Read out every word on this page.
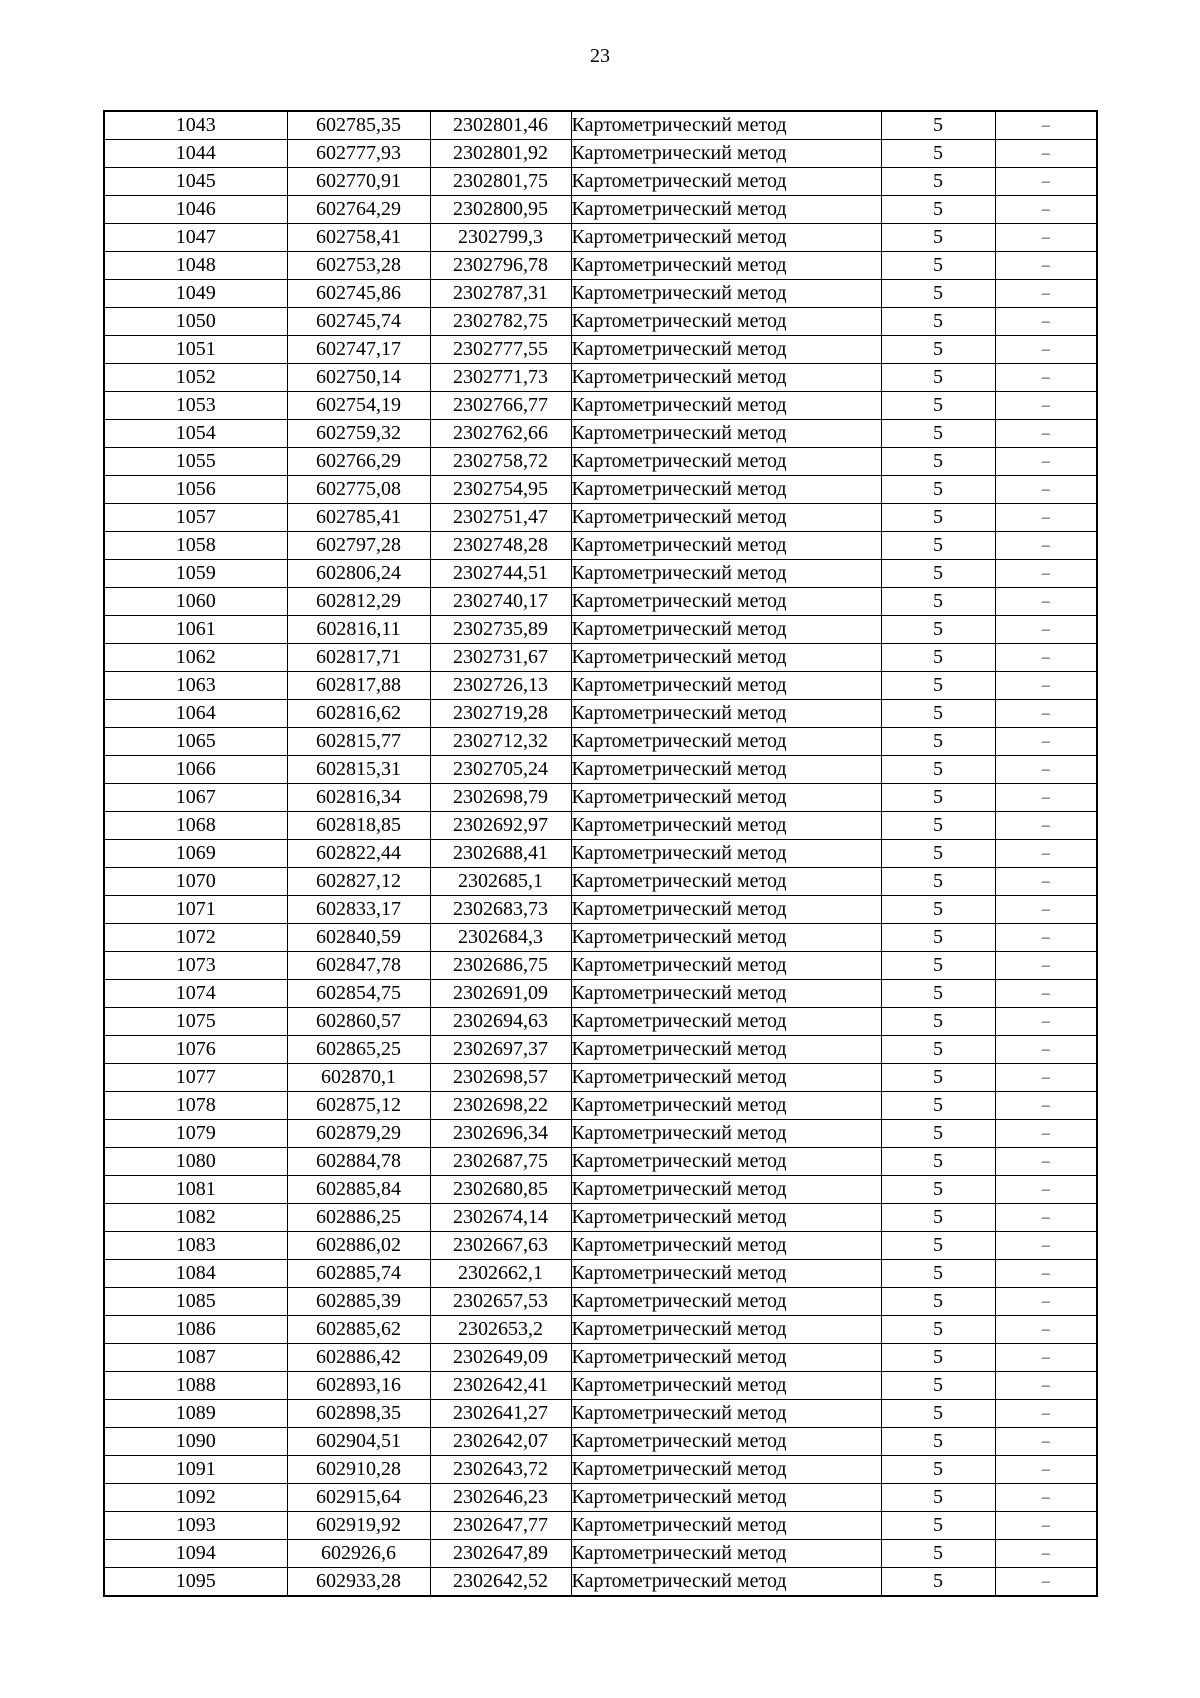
23
1043	602785,35	2302801,46	Картометрический метод	5	–
1044	602777,93	2302801,92	Картометрический метод	5	–
1045	602770,91	2302801,75	Картометрический метод	5	–
1046	602764,29	2302800,95	Картометрический метод	5	–
1047	602758,41	2302799,3	Картометрический метод	5	–
1048	602753,28	2302796,78	Картометрический метод	5	–
1049	602745,86	2302787,31	Картометрический метод	5	–
1050	602745,74	2302782,75	Картометрический метод	5	–
1051	602747,17	2302777,55	Картометрический метод	5	–
1052	602750,14	2302771,73	Картометрический метод	5	–
1053	602754,19	2302766,77	Картометрический метод	5	–
1054	602759,32	2302762,66	Картометрический метод	5	–
1055	602766,29	2302758,72	Картометрический метод	5	–
1056	602775,08	2302754,95	Картометрический метод	5	–
1057	602785,41	2302751,47	Картометрический метод	5	–
1058	602797,28	2302748,28	Картометрический метод	5	–
1059	602806,24	2302744,51	Картометрический метод	5	–
1060	602812,29	2302740,17	Картометрический метод	5	–
1061	602816,11	2302735,89	Картометрический метод	5	–
1062	602817,71	2302731,67	Картометрический метод	5	–
1063	602817,88	2302726,13	Картометрический метод	5	–
1064	602816,62	2302719,28	Картометрический метод	5	–
1065	602815,77	2302712,32	Картометрический метод	5	–
1066	602815,31	2302705,24	Картометрический метод	5	–
1067	602816,34	2302698,79	Картометрический метод	5	–
1068	602818,85	2302692,97	Картометрический метод	5	–
1069	602822,44	2302688,41	Картометрический метод	5	–
1070	602827,12	2302685,1	Картометрический метод	5	–
1071	602833,17	2302683,73	Картометрический метод	5	–
1072	602840,59	2302684,3	Картометрический метод	5	–
1073	602847,78	2302686,75	Картометрический метод	5	–
1074	602854,75	2302691,09	Картометрический метод	5	–
1075	602860,57	2302694,63	Картометрический метод	5	–
1076	602865,25	2302697,37	Картометрический метод	5	–
1077	602870,1	2302698,57	Картометрический метод	5	–
1078	602875,12	2302698,22	Картометрический метод	5	–
1079	602879,29	2302696,34	Картометрический метод	5	–
1080	602884,78	2302687,75	Картометрический метод	5	–
1081	602885,84	2302680,85	Картометрический метод	5	–
1082	602886,25	2302674,14	Картометрический метод	5	–
1083	602886,02	2302667,63	Картометрический метод	5	–
1084	602885,74	2302662,1	Картометрический метод	5	–
1085	602885,39	2302657,53	Картометрический метод	5	–
1086	602885,62	2302653,2	Картометрический метод	5	–
1087	602886,42	2302649,09	Картометрический метод	5	–
1088	602893,16	2302642,41	Картометрический метод	5	–
1089	602898,35	2302641,27	Картометрический метод	5	–
1090	602904,51	2302642,07	Картометрический метод	5	–
1091	602910,28	2302643,72	Картометрический метод	5	–
1092	602915,64	2302646,23	Картометрический метод	5	–
1093	602919,92	2302647,77	Картометрический метод	5	–
1094	602926,6	2302647,89	Картометрический метод	5	–
1095	602933,28	2302642,52	Картометрический метод	5	–
